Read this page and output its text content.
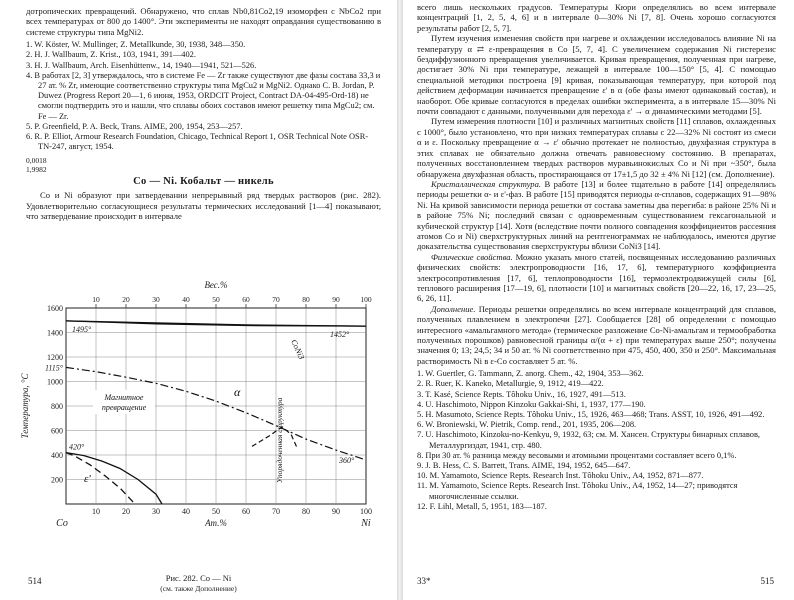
дотропических превращений. Обнаружено, что сплав Nb0,81Co2,19 изоморфен с NbCo2 при всех температурах от 800 до 1400°. Эти эксперименты не находят оправдания существованию в системе структуры типа MgNi2.

1. W. Köster, W. Mullinger, Z. Metallkunde, 30, 1938, 348—350.
2. H. J. Wallbaum, Z. Krist., 103, 1941, 391—402.
3. H. J. Wallbaum, Arch. Eisenhüttenw., 14, 1940—1941, 521—526.
4. В работах [2, 3] утверждалось, что в системе Fe — Zr также существуют две фазы состава 33,3 и 27 ат. % Zr, имеющие соответственно структуры типа MgCu2 и MgNi2. Однако C. B. Jordan, P. Duwez (Progress Report 20—1, 6 июня, 1953, ORDCIT Project, Contract DA-04-495-Ord-18) не смогли подтвердить это и нашли, что сплавы обоих составов имеют решетку типа MgCu2; см. Fe — Zr.
5. P. Greenfield, P. A. Beck, Trans. AIME, 200, 1954, 253—257.
6. R. P. Elliot, Armour Research Foundation, Chicago, Technical Report 1, OSR Technical Note OSR-TN-247, август, 1954.
0,0018
1,9982
Co — Ni. Кобальт — никель

Co и Ni образуют при затвердевании непрерывный ряд твердых растворов (рис. 282). Удовлетворительно согласующиеся результаты термических исследований [1—4] показывают, что затвердевание происходит в интервале

10	20	30	40	50	60	70	80	90	100
200
400
600
800
1000
1200
1400
1600
10	20	30	40	50	60	70	80	90	100
Вес.%
Ат.%
Co	Ni
Температура, °С
1495°
1452°
1115°
420°
360°
α
ε'
CoNi3
Магнитное
превращение	Упорядоченная структура
Рис. 282. Co — Ni
(см. также Дополнение)
514

всего лишь нескольких градусов. Температуры Кюри определялись во всем интервале концентраций [1, 2, 5, 4, 6] и в интервале 0—30% Ni [7, 8]. Очень хорошо согласуются результаты работ [2, 5, 7].

Путем изучения изменения свойств при нагреве и охлаждении исследовалось влияние Ni на температуру α ⇄ ε-превращения в Co [5, 7, 4]. С увеличением содержания Ni гистерезис бездиффузионного превращения увеличивается. Кривая превращения, полученная при нагреве, достигает 30% Ni при температуре, лежащей в интервале 100—150° [5, 4]. С помощью специальной методики построена [9] кривая, показывающая температуру, при которой под действием деформации начинается превращение ε' в α (обе фазы имеют одинаковый состав), и наоборот. Обе кривые согласуются в пределах ошибки эксперимента, а в интервале 15—30% Ni почти совпадают с данными, полученными для перехода ε' → α динамическими методами [5].

Путем измерения плотности [10] и различных магнитных свойств [11] сплавов, охлажденных с 1000°, было установлено, что при низких температурах сплавы с 22—32% Ni состоят из смеси α и ε. Поскольку превращение α → ε' обычно протекает не полностью, двухфазная структура в этих сплавах не обязательно должна отвечать равновесному состоянию. В препаратах, полученных восстановлением твердых растворов муравьинокислых Co и Ni при ~350°, была обнаружена двухфазная область, простирающаяся от 17±1,5 до 32 ± 4% Ni [12] (см. Дополнение).

Кристаллическая структура. В работе [13] и более тщательно в работе [14] определялись периоды решетки α- и ε'-фаз. В работе [15] приводятся периоды α-сплавов, содержащих 91—98% Ni. На кривой зависимости периода решетки от состава заметны два перегиба: в районе 25% Ni и в районе 75% Ni; последний связан с одновременным существованием гексагональной и кубической структур [14]. Хотя (вследствие почти полного совпадения коэффициентов рассеяния атомов Co и Ni) сверхструктурных линий на рентгенограммах не наблюдалось, имеются другие доказательства существования сверхструктуры вблизи CoNi3 [14].

Физические свойства. Можно указать много статей, посвященных исследованию различных физических свойств: электропроводности [16, 17, 6], температурного коэффициента электросопротивления [17, 6], теплопроводности [16], термоэлектродвижущей силы [6], теплового расширения [17—19, 6], плотности [10] и магнитных свойств [20—22, 16, 17, 23—25, 6, 26, 11].

Дополнение. Периоды решетки определялись во всем интервале концентраций для сплавов, полученных плавлением в электропечи [27]. Сообщается [28] об определении с помощью интересного «амальгамного метода» (термическое разложение Co-Ni-амальгам и термообработка полученных порошков) равновесной границы α/(α + ε) при температурах выше 250°; получены значения 0; 13; 24,5; 34 и 50 ат. % Ni соответственно при 475, 450, 400, 350 и 250°. Максимальная растворимость Ni в ε-Co составляет 5 ат. %.

1. W. Guertler, G. Tammann, Z. anorg. Chem., 42, 1904, 353—362.
2. R. Ruer, K. Kaneko, Metallurgie, 9, 1912, 419—422.
3. T. Kasé, Science Repts. Tôhoku Univ., 16, 1927, 491—513.
4. U. Haschimoto, Nippon Kinzoku Gakkai-Shi, 1, 1937, 177—190.
5. H. Masumoto, Science Repts. Tôhoku Univ., 15, 1926, 463—468; Trans. ASST, 10, 1926, 491—492.
6. W. Broniewski, W. Pietrik, Comp. rend., 201, 1935, 206—208.
7. U. Haschimoto, Kinzoku-no-Kenkyu, 9, 1932, 63; см. М. Хансен. Структуры бинарных сплавов, Металлургиздат, 1941, стр. 480.
8. При 30 ат. % разница между весовыми и атомными процентами составляет всего 0,1%.
9. J. B. Hess, C. S. Barrett, Trans. AIME, 194, 1952, 645—647.
10. M. Yamamoto, Science Repts. Research Inst. Tôhoku Univ., A4, 1952, 871—877.
11. M. Yamamoto, Science Repts. Research Inst. Tôhoku Univ., A4, 1952, 14—27; приводятся многочисленные ссылки.
12. F. Lihl, Metall, 5, 1951, 183—187.
33*	515
